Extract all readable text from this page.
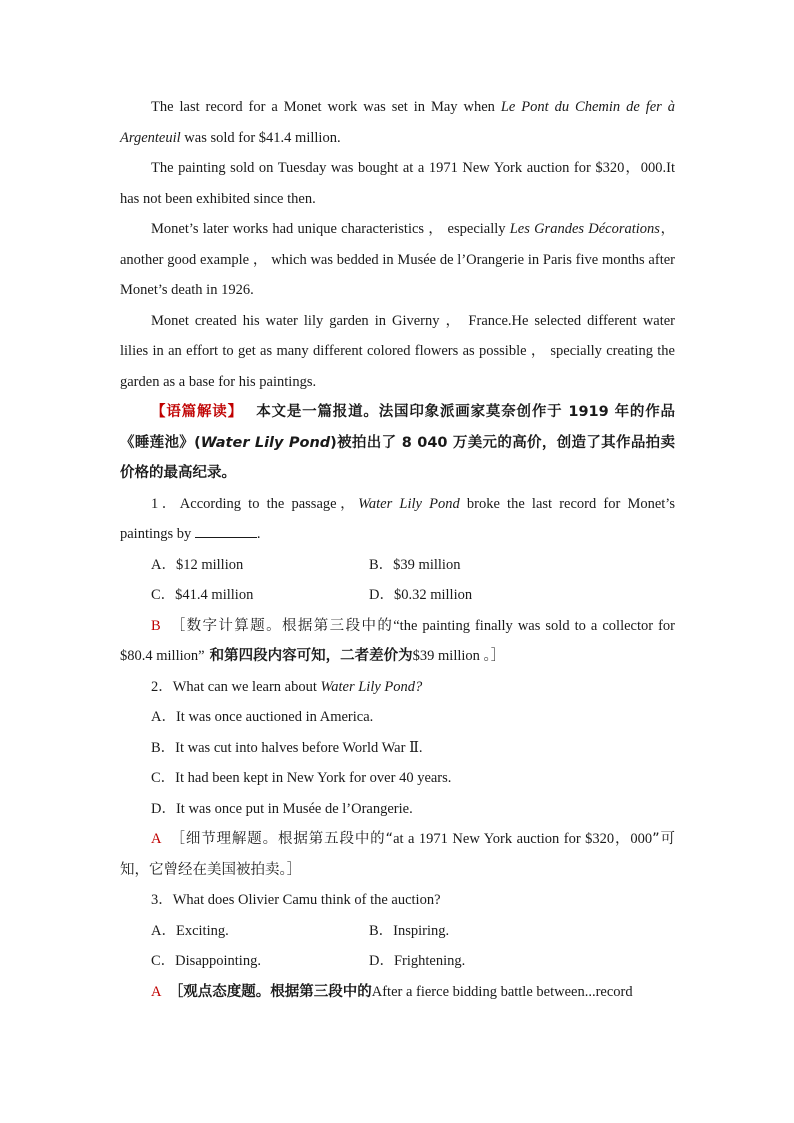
The last record for a Monet work was set in May when Le Pont du Chemin de fer à Argenteuil was sold for $41.4 million.

The painting sold on Tuesday was bought at a 1971 New York auction for $320，000.It has not been exhibited since then.

Monet’s later works had unique characteristics ， especially Les Grandes Décorations， another good example ， which was bedded in Musée de l’Orangerie in Paris five months after Monet’s death in 1926.

Monet created his water lily garden in Giverny ， France.He selected different water lilies in an effort to get as many different colored flowers as possible ， specially creating the garden as a base for his paintings.

【语篇解读】 本文是一篇报道。法国印象派画家莫奈创作于 1919 年的作品《睡莲池》(Water Lily Pond)被拍出了 8 040 万美元的高价，创造了其作品拍卖价格的最高纪录。

1．According to the passage，Water Lily Pond broke the last record for Monet’s paintings by	.

A．$12 million	B．$39 million
C．$41.4 million	D．$0.32 million

B ［数字计算题。根据第三段中的“the painting finally was sold to a collector for $80.4 million” 和第四段内容可知，二者差价为$39 million 。］

2．What can we learn about Water Lily Pond?

A．It was once auctioned in America.

B．It was cut into halves before World War Ⅱ.

C．It had been kept in New York for over 40 years.

D．It was once put in Musée de l’Orangerie.

A ［细节理解题。根据第五段中的“at a 1971 New York auction for $320，000”可知，它曾经在美国被拍卖。］

3．What does Olivier Camu think of the auction?

A．Exciting.	B．Inspiring.
C．Disappointing.	D．Frightening.

A ［观点态度题。根据第三段中的After a fierce bidding battle between...record
